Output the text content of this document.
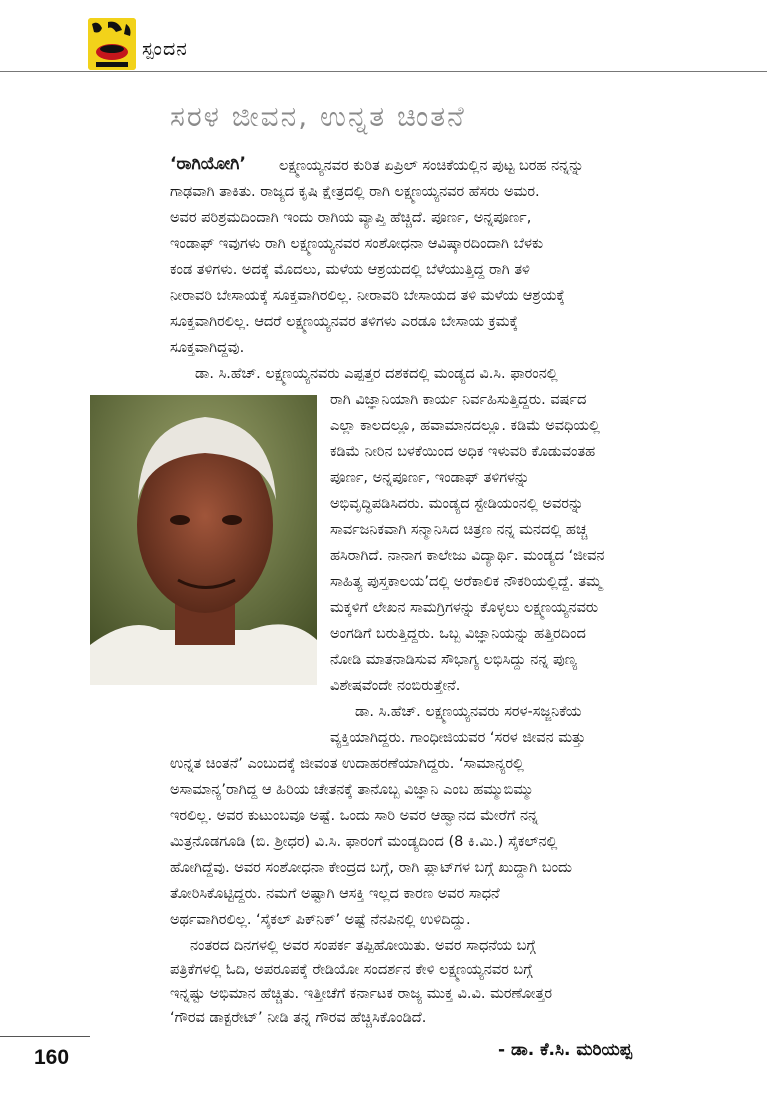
ಸ್ಪಂದನ
ಸರಳ ಜೀವನ, ಉನ್ನತ ಚಿಂತನೆ
‘ರಾಗಿಯೋಗಿ’ ಲಕ್ಷ್ಮಣಯ್ಯನವರ ಕುರಿತ ಏಪ್ರಿಲ್ ಸಂಚಿಕೆಯಲ್ಲಿನ ಪುಟ್ಟ ಬರಹ ನನ್ನನ್ನು
ಗಾಢವಾಗಿ ತಾಕಿತು. ರಾಜ್ಯದ ಕೃಷಿ ಕ್ಷೇತ್ರದಲ್ಲಿ ರಾಗಿ ಲಕ್ಷ್ಮಣಯ್ಯನವರ ಹೆಸರು ಅಮರ.
ಅವರ ಪರಿಶ್ರಮದಿಂದಾಗಿ ಇಂದು ರಾಗಿಯ ವ್ಯಾಪ್ತಿ ಹೆಚ್ಚಿದೆ. ಪೂರ್ಣ, ಅನ್ನಪೂರ್ಣ,
ಇಂಡಾಫ್ ಇವುಗಳು ರಾಗಿ ಲಕ್ಷ್ಮಣಯ್ಯನವರ ಸಂಶೋಧನಾ ಆವಿಷ್ಕಾರದಿಂದಾಗಿ ಬೆಳಕು
ಕಂಡ ತಳಿಗಳು. ಅದಕ್ಕೆ ಮೊದಲು, ಮಳೆಯ ಆಶ್ರಯದಲ್ಲಿ ಬೆಳೆಯುತ್ತಿದ್ದ ರಾಗಿ ತಳಿ
ನೀರಾವರಿ ಬೇಸಾಯಕ್ಕೆ ಸೂಕ್ತವಾಗಿರಲಿಲ್ಲ. ನೀರಾವರಿ ಬೇಸಾಯದ ತಳಿ ಮಳೆಯ ಆಶ್ರಯಕ್ಕೆ
ಸೂಕ್ತವಾಗಿರಲಿಲ್ಲ. ಆದರೆ ಲಕ್ಷ್ಮಣಯ್ಯನವರ ತಳಿಗಳು ಎರಡೂ ಬೇಸಾಯ ಕ್ರಮಕ್ಕೆ
ಸೂಕ್ತವಾಗಿದ್ದವು.
ಡಾ. ಸಿ.ಹೆಚ್. ಲಕ್ಷ್ಮಣಯ್ಯನವರು ಎಪ್ಪತ್ತರ ದಶಕದಲ್ಲಿ ಮಂಡ್ಯದ ವಿ.ಸಿ. ಫಾರಂನಲ್ಲಿ
ರಾಗಿ ವಿಜ್ಞಾನಿಯಾಗಿ ಕಾರ್ಯ ನಿರ್ವಹಿಸುತ್ತಿದ್ದರು. ವರ್ಷದ
ಎಲ್ಲಾ ಕಾಲದಲ್ಲೂ, ಹವಾಮಾನದಲ್ಲೂ. ಕಡಿಮೆ ಅವಧಿಯಲ್ಲಿ
ಕಡಿಮೆ ನೀರಿನ ಬಳಕೆಯಿಂದ ಅಧಿಕ ಇಳುವರಿ ಕೊಡುವಂತಹ
ಪೂರ್ಣ, ಅನ್ನಪೂರ್ಣ, ಇಂಡಾಫ್ ತಳಿಗಳನ್ನು
ಅಭಿವೃದ್ಧಿಪಡಿಸಿದರು. ಮಂಡ್ಯದ ಸ್ಟೇಡಿಯಂನಲ್ಲಿ ಅವರನ್ನು
ಸಾರ್ವಜನಿಕವಾಗಿ ಸನ್ಮಾನಿಸಿದ ಚಿತ್ರಣ ನನ್ನ ಮನದಲ್ಲಿ ಹಚ್ಚ
ಹಸಿರಾಗಿದೆ. ನಾನಾಗ ಕಾಲೇಜು ವಿದ್ಯಾರ್ಥಿ. ಮಂಡ್ಯದ ‘ಜೀವನ
ಸಾಹಿತ್ಯ ಪುಸ್ತಕಾಲಯ’ದಲ್ಲಿ ಅರೆಕಾಲಿಕ ನೌಕರಿಯಲ್ಲಿದ್ದೆ. ತಮ್ಮ
ಮಕ್ಕಳಿಗೆ ಲೇಖನ ಸಾಮಗ್ರಿಗಳನ್ನು ಕೊಳ್ಳಲು ಲಕ್ಷ್ಮಣಯ್ಯನವರು
ಅಂಗಡಿಗೆ ಬರುತ್ತಿದ್ದರು. ಒಬ್ಬ ವಿಜ್ಞಾನಿಯನ್ನು ಹತ್ತಿರದಿಂದ
ನೋಡಿ ಮಾತನಾಡಿಸುವ ಸೌಭಾಗ್ಯ ಲಭಿಸಿದ್ದು ನನ್ನ ಪುಣ್ಯ
ವಿಶೇಷವೆಂದೇ ನಂಬಿರುತ್ತೇನೆ.
ಡಾ. ಸಿ.ಹೆಚ್. ಲಕ್ಷ್ಮಣಯ್ಯನವರು ಸರಳ-ಸಜ್ಜನಿಕೆಯ
ವ್ಯಕ್ತಿಯಾಗಿದ್ದರು. ಗಾಂಧೀಜಿಯವರ ‘ಸರಳ ಜೀವನ ಮತ್ತು
ಉನ್ನತ ಚಿಂತನೆ’ ಎಂಬುದಕ್ಕೆ ಜೀವಂತ ಉದಾಹರಣೆಯಾಗಿದ್ದರು. ‘ಸಾಮಾನ್ಯರಲ್ಲಿ
ಅಸಾಮಾನ್ಯ’ರಾಗಿದ್ದ ಆ ಹಿರಿಯ ಚೇತನಕ್ಕೆ ತಾನೊಬ್ಬ ವಿಜ್ಞಾನಿ ಎಂಬ ಹಮ್ಮುಬಿಮ್ಮು
ಇರಲಿಲ್ಲ. ಅವರ ಕುಟುಂಬವೂ ಅಷ್ಟೆ. ಒಂದು ಸಾರಿ ಅವರ ಆಹ್ವಾನದ ಮೇರೆಗೆ ನನ್ನ
ಮಿತ್ರನೊಡಗೂಡಿ (ಬಿ. ಶ್ರೀಧರ) ವಿ.ಸಿ. ಫಾರಂಗೆ ಮಂಡ್ಯದಿಂದ (8 ಕಿ.ಮಿ.) ಸೈಕಲ್‌ನಲ್ಲಿ
ಹೋಗಿದ್ದೆವು. ಅವರ ಸಂಶೋಧನಾ ಕೇಂದ್ರದ ಬಗ್ಗೆ, ರಾಗಿ ಪ್ಲಾಟ್‌ಗಳ ಬಗ್ಗೆ ಖುದ್ದಾಗಿ ಬಂದು
ತೋರಿಸಿಕೊಟ್ಟಿದ್ದರು. ನಮಗೆ ಅಷ್ಟಾಗಿ ಆಸಕ್ತಿ ಇಲ್ಲದ ಕಾರಣ ಅವರ ಸಾಧನೆ
ಅರ್ಥವಾಗಿರಲಿಲ್ಲ. ‘ಸೈಕಲ್ ಪಿಕ್‌ನಿಕ್’ ಅಷ್ಟೆ ನೆನಪಿನಲ್ಲಿ ಉಳಿದಿದ್ದು.
ನಂತರದ ದಿನಗಳಲ್ಲಿ ಅವರ ಸಂಪರ್ಕ ತಪ್ಪಿಹೋಯಿತು. ಅವರ ಸಾಧನೆಯ ಬಗ್ಗೆ
ಪತ್ರಿಕೆಗಳಲ್ಲಿ ಓದಿ, ಅಪರೂಪಕ್ಕೆ ರೇಡಿಯೋ ಸಂದರ್ಶನ ಕೇಳಿ ಲಕ್ಷ್ಮಣಯ್ಯನವರ ಬಗ್ಗೆ
ಇನ್ನಷ್ಟು ಅಭಿಮಾನ ಹೆಚ್ಚಿತು. ಇತ್ತೀಚೆಗೆ ಕರ್ನಾಟಕ ರಾಜ್ಯ ಮುಕ್ತ ವಿ.ವಿ. ಮರಣೋತ್ತರ
‘ಗೌರವ ಡಾಕ್ಟರೇಟ್’ ನೀಡಿ ತನ್ನ ಗೌರವ ಹೆಚ್ಚಿಸಿಕೊಂಡಿದೆ.
- ಡಾ. ಕೆ.ಸಿ. ಮರಿಯಪ್ಪ
160
